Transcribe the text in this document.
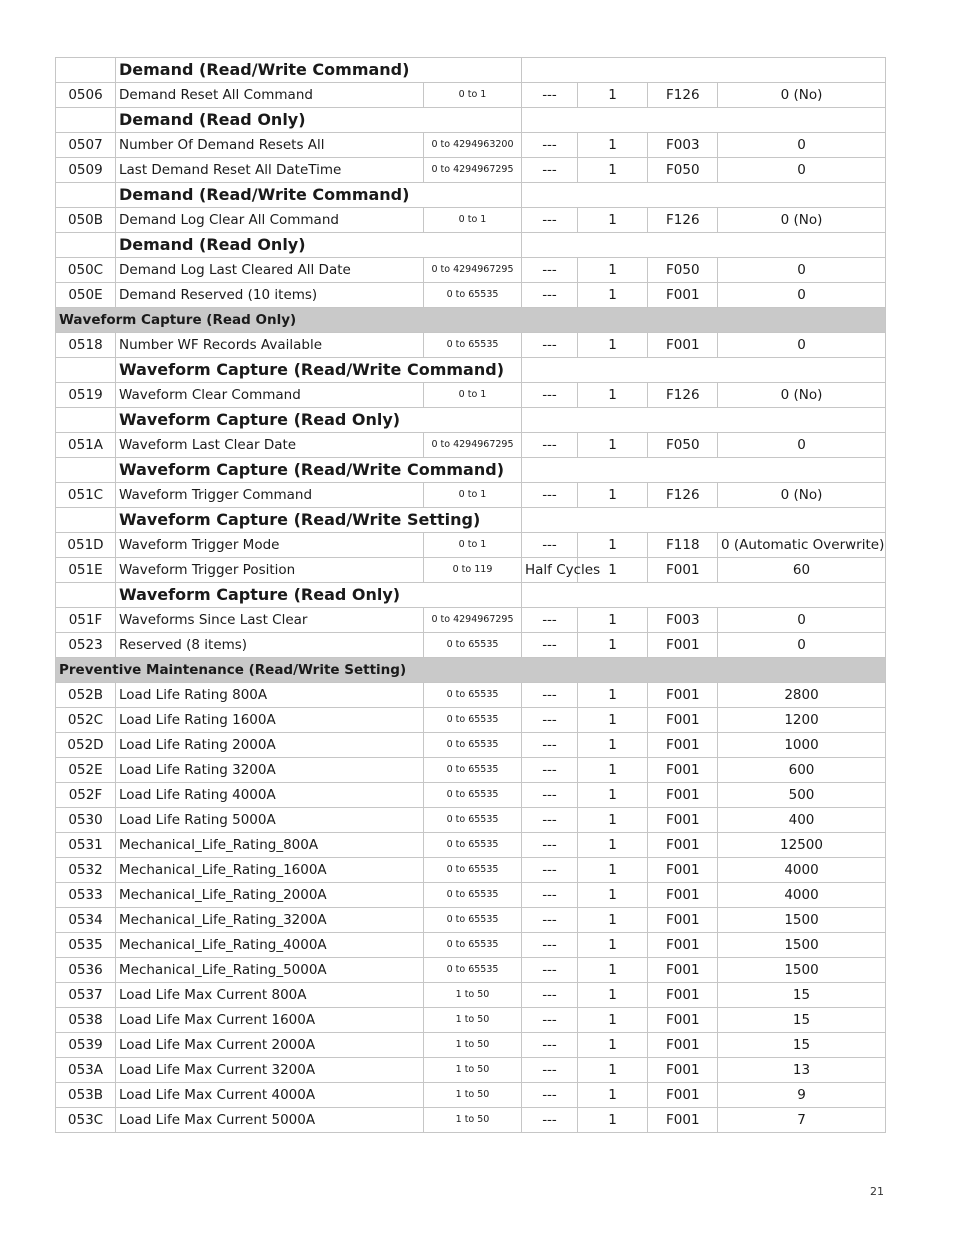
	Demand (Read/Write Command)					
0506	Demand Reset All Command	0 to 1	---	1	F126	0 (No)
	Demand (Read Only)					
0507	Number Of Demand Resets All	0 to 4294963200	---	1	F003	0
0509	Last Demand Reset All DateTime	0 to 4294967295	---	1	F050	0
	Demand (Read/Write Command)					
050B	Demand Log Clear All Command	0 to 1	---	1	F126	0 (No)
	Demand (Read Only)					
050C	Demand Log Last Cleared All Date	0 to 4294967295	---	1	F050	0
050E	Demand Reserved (10 items)	0 to 65535	---	1	F001	0
Waveform Capture (Read Only)						
0518	Number WF Records Available	0 to 65535	---	1	F001	0
	Waveform Capture (Read/Write Command)					
0519	Waveform Clear Command	0 to 1	---	1	F126	0 (No)
	Waveform Capture (Read Only)					
051A	Waveform Last Clear Date	0 to 4294967295	---	1	F050	0
	Waveform Capture (Read/Write Command)					
051C	Waveform Trigger Command	0 to 1	---	1	F126	0 (No)
	Waveform Capture (Read/Write Setting)					
051D	Waveform Trigger Mode	0 to 1	---	1	F118	0 (Automatic Overwrite)
051E	Waveform Trigger Position	0 to 119	Half Cycles	1	F001	60
	Waveform Capture (Read Only)					
051F	Waveforms Since Last Clear	0 to 4294967295	---	1	F003	0
0523	Reserved (8 items)	0 to 65535	---	1	F001	0
Preventive Maintenance (Read/Write Setting)						
052B	Load Life Rating 800A	0 to 65535	---	1	F001	2800
052C	Load Life Rating 1600A	0 to 65535	---	1	F001	1200
052D	Load Life Rating 2000A	0 to 65535	---	1	F001	1000
052E	Load Life Rating 3200A	0 to 65535	---	1	F001	600
052F	Load Life Rating 4000A	0 to 65535	---	1	F001	500
0530	Load Life Rating 5000A	0 to 65535	---	1	F001	400
0531	Mechanical_Life_Rating_800A	0 to 65535	---	1	F001	12500
0532	Mechanical_Life_Rating_1600A	0 to 65535	---	1	F001	4000
0533	Mechanical_Life_Rating_2000A	0 to 65535	---	1	F001	4000
0534	Mechanical_Life_Rating_3200A	0 to 65535	---	1	F001	1500
0535	Mechanical_Life_Rating_4000A	0 to 65535	---	1	F001	1500
0536	Mechanical_Life_Rating_5000A	0 to 65535	---	1	F001	1500
0537	Load Life Max Current 800A	1 to 50	---	1	F001	15
0538	Load Life Max Current 1600A	1 to 50	---	1	F001	15
0539	Load Life Max Current 2000A	1 to 50	---	1	F001	15
053A	Load Life Max Current 3200A	1 to 50	---	1	F001	13
053B	Load Life Max Current 4000A	1 to 50	---	1	F001	9
053C	Load Life Max Current 5000A	1 to 50	---	1	F001	7
21
